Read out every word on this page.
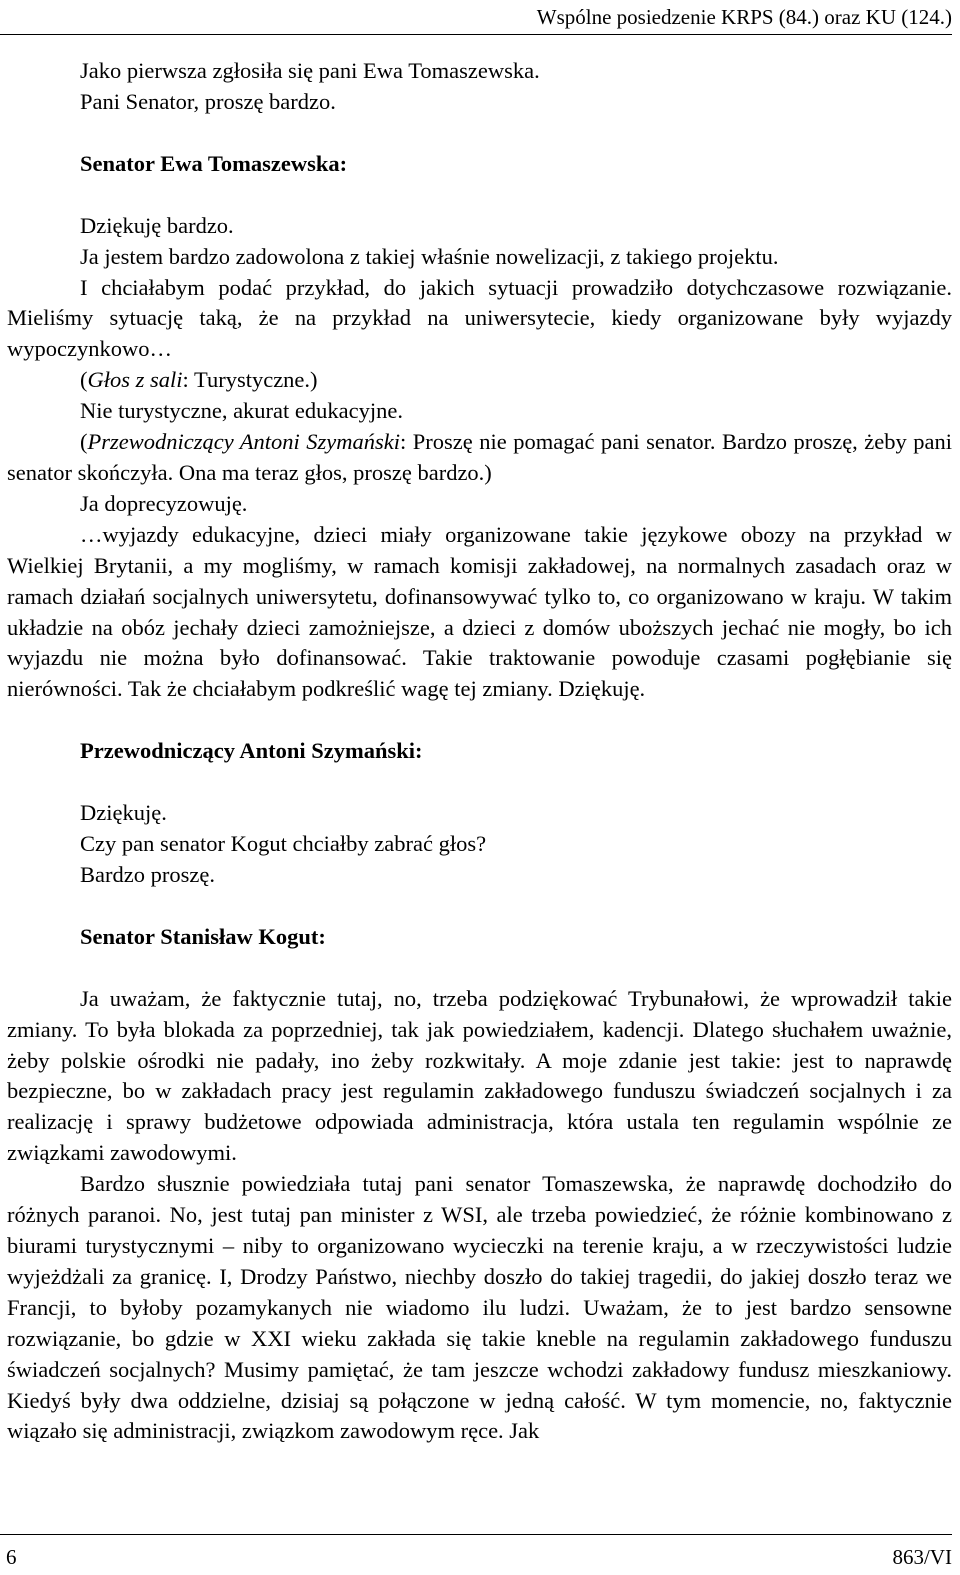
Wspólne posiedzenie KRPS (84.) oraz KU (124.)

Jako pierwsza zgłosiła się pani Ewa Tomaszewska.

Pani Senator, proszę bardzo.

Senator Ewa Tomaszewska:

Dziękuję bardzo.

Ja jestem bardzo zadowolona z takiej właśnie nowelizacji, z takiego projektu.

I chciałabym podać przykład, do jakich sytuacji prowadziło dotychczasowe rozwiązanie. Mieliśmy sytuację taką, że na przykład na uniwersytecie, kiedy organizowane były wyjazdy wypoczynkowo…

(Głos z sali: Turystyczne.)

Nie turystyczne, akurat edukacyjne.

(Przewodniczący Antoni Szymański: Proszę nie pomagać pani senator. Bardzo proszę, żeby pani senator skończyła. Ona ma teraz głos, proszę bardzo.)

Ja doprecyzowuję.

…wyjazdy edukacyjne, dzieci miały organizowane takie językowe obozy na przykład w Wielkiej Brytanii, a my mogliśmy, w ramach komisji zakładowej, na normalnych zasadach oraz w ramach działań socjalnych uniwersytetu, dofinansowywać tylko to, co organizowano w kraju. W takim układzie na obóz jechały dzieci zamożniejsze, a dzieci z domów uboższych jechać nie mogły, bo ich wyjazdu nie można było dofinansować. Takie traktowanie powoduje czasami pogłębianie się nierówności. Tak że chciałabym podkreślić wagę tej zmiany. Dziękuję.

Przewodniczący Antoni Szymański:

Dziękuję.

Czy pan senator Kogut chciałby zabrać głos?

Bardzo proszę.

Senator Stanisław Kogut:

Ja uważam, że faktycznie tutaj, no, trzeba podziękować Trybunałowi, że wprowadził takie zmiany. To była blokada za poprzedniej, tak jak powiedziałem, kadencji. Dlatego słuchałem uważnie, żeby polskie ośrodki nie padały, ino żeby rozkwitały. A moje zdanie jest takie: jest to naprawdę bezpieczne, bo w zakładach pracy jest regulamin zakładowego funduszu świadczeń socjalnych i za realizację i sprawy budżetowe odpowiada administracja, która ustala ten regulamin wspólnie ze związkami zawodowymi.

Bardzo słusznie powiedziała tutaj pani senator Tomaszewska, że naprawdę dochodziło do różnych paranoi. No, jest tutaj pan minister z WSI, ale trzeba powiedzieć, że różnie kombinowano z biurami turystycznymi – niby to organizowano wycieczki na terenie kraju, a w rzeczywistości ludzie wyjeżdżali za granicę. I, Drodzy Państwo, niechby doszło do takiej tragedii, do jakiej doszło teraz we Francji, to byłoby pozamykanych nie wiadomo ilu ludzi. Uważam, że to jest bardzo sensowne rozwiązanie, bo gdzie w XXI wieku zakłada się takie kneble na regulamin zakładowego funduszu świadczeń socjalnych? Musimy pamiętać, że tam jeszcze wchodzi zakładowy fundusz mieszkaniowy. Kiedyś były dwa oddzielne, dzisiaj są połączone w jedną całość. W tym momencie, no, faktycznie wiązało się administracji, związkom zawodowym ręce. Jak

6	863/VI
